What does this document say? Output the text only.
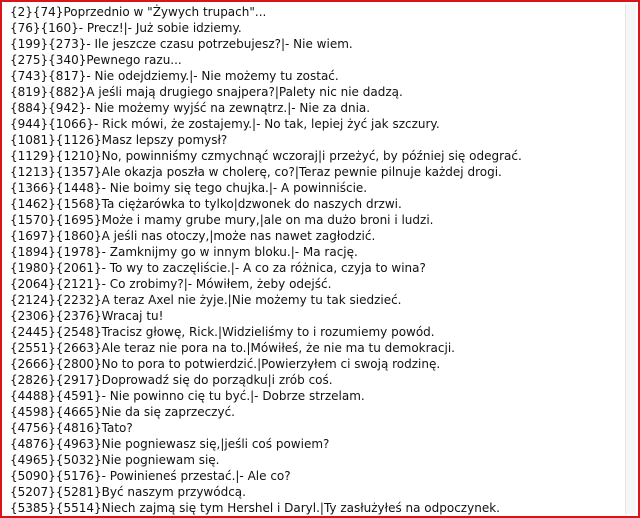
{2}{74}Poprzednio w "Żywych trupach"...
{76}{160}- Precz!|- Już sobie idziemy.
{199}{273}- Ile jeszcze czasu potrzebujesz?|- Nie wiem.
{275}{340}Pewnego razu...
{743}{817}- Nie odejdziemy.|- Nie możemy tu zostać.
{819}{882}A jeśli mają drugiego snajpera?|Palety nic nie dadzą.
{884}{942}- Nie możemy wyjść na zewnątrz.|- Nie za dnia.
{944}{1066}- Rick mówi, że zostajemy.|- No tak, lepiej żyć jak szczury.
{1081}{1126}Masz lepszy pomysł?
{1129}{1210}No, powinniśmy czmychnąć wczoraj|i przeżyć, by później się odegrać.
{1213}{1357}Ale okazja poszła w cholerę, co?|Teraz pewnie pilnuje każdej drogi.
{1366}{1448}- Nie boimy się tego chujka.|- A powinniście.
{1462}{1568}Ta ciężarówka to tylko|dzwonek do naszych drzwi.
{1570}{1695}Może i mamy grube mury,|ale on ma dużo broni i ludzi.
{1697}{1860}A jeśli nas otoczy,|może nas nawet zagłodzić.
{1894}{1978}- Zamknijmy go w innym bloku.|- Ma rację.
{1980}{2061}- To wy to zaczęliście.|- A co za różnica, czyja to wina?
{2064}{2121}- Co zrobimy?|- Mówiłem, żeby odejść.
{2124}{2232}A teraz Axel nie żyje.|Nie możemy tu tak siedzieć.
{2306}{2376}Wracaj tu!
{2445}{2548}Tracisz głowę, Rick.|Widzieliśmy to i rozumiemy powód.
{2551}{2663}Ale teraz nie pora na to.|Mówiłeś, że nie ma tu demokracji.
{2666}{2800}No to pora to potwierdzić.|Powierzyłem ci swoją rodzinę.
{2826}{2917}Doprowadź się do porządku|i zrób coś.
{4488}{4591}- Nie powinno cię tu być.|- Dobrze strzelam.
{4598}{4665}Nie da się zaprzeczyć.
{4756}{4816}Tato?
{4876}{4963}Nie pogniewasz się,|jeśli coś powiem?
{4965}{5032}Nie pogniewam się.
{5090}{5176}- Powinieneś przestać.|- Ale co?
{5207}{5281}Być naszym przywódcą.
{5385}{5514}Niech zajmą się tym Hershel i Daryl.|Ty zasłużyłeś na odpoczynek.
